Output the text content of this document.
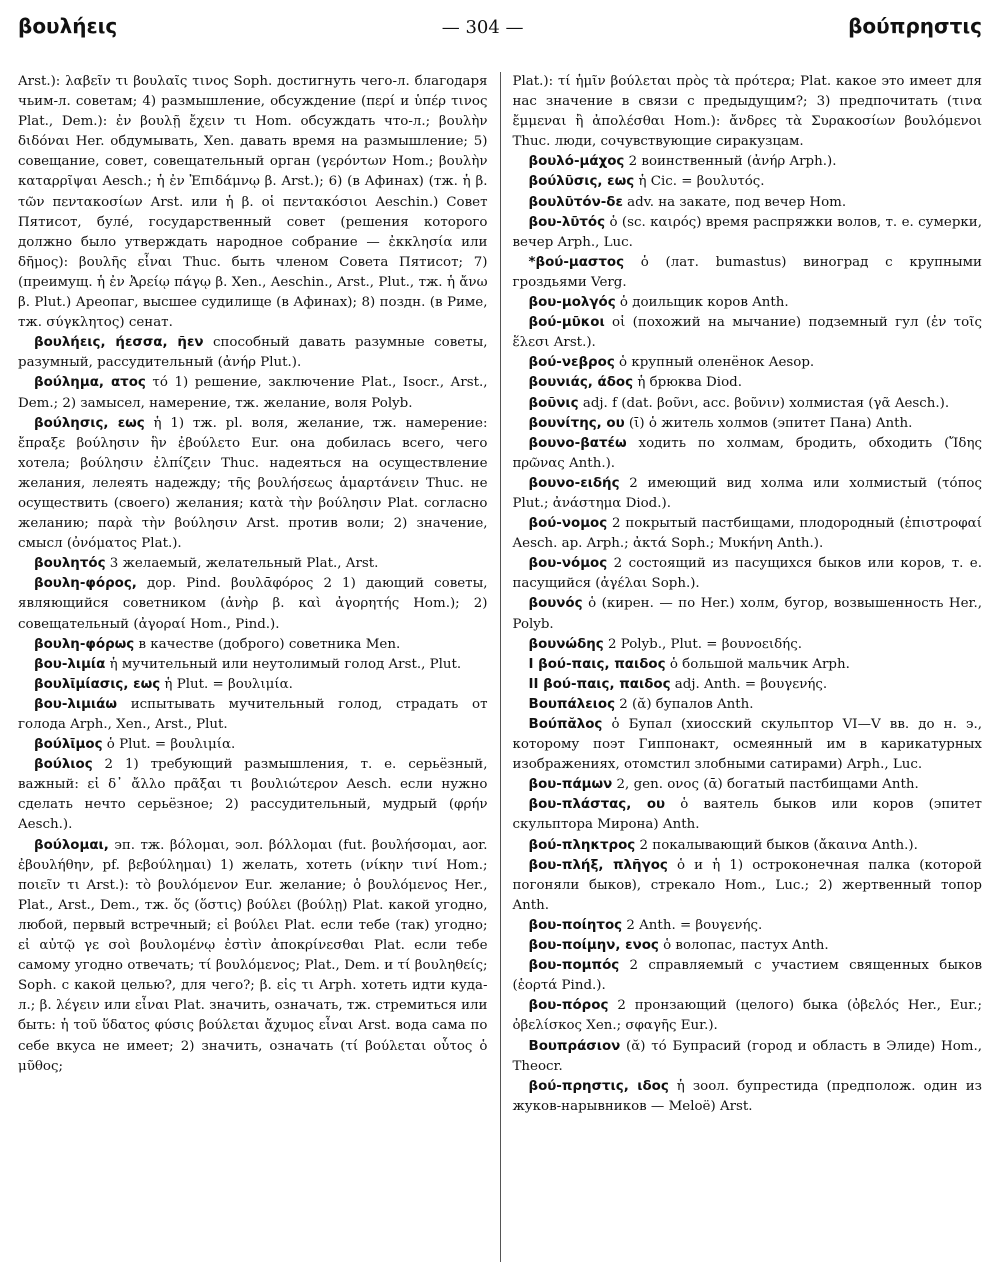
βουλήεις	— 304 —	βούπρηστις

Arst.): λαβεῖν τι βουλαῖς τινος Soph. достигнуть чего-л. благодаря чьим-л. советам; 4) размышление, обсуждение (περί и ὑπέρ τινος Plat., Dem.): ἐν βουλῇ ἔχειν τι Hom. обсуждать что-л.; βουλὴν διδόναι Her. обдумывать, Xen. давать время на размышление; 5) совещание, совет, совещательный орган (γερόντων Hom.; βουλὴν καταρρῖψαι Aesch.; ἡ ἐν Ἐπιδάμνῳ β. Arst.); 6) (в Афинах) (тж. ἡ β. τῶν πεντακοσίων Arst. или ἡ β. οἱ πεντακόσιοι Aeschin.) Совет Пятисот, булé, государственный совет (решения которого должно было утверждать народное собрание — ἐκκλησία или δῆμος): βουλῆς εἶναι Thuc. быть членом Совета Пятисот; 7) (преимущ. ἡ ἐν Ἀρείῳ πάγῳ β. Xen., Aeschin., Arst., Plut., тж. ἡ ἄνω β. Plut.) Ареопаг, высшее судилище (в Афинах); 8) поздн. (в Риме, тж. σύγκλητος) сенат.

βουλήεις, ήεσσα, ῆεν способный давать разумные советы, разумный, рассудительный (ἀνήρ Plut.).

βούλημα, ατος τό 1) решение, заключение Plat., Isocr., Arst., Dem.; 2) замысел, намерение, тж. желание, воля Polyb.

βούλησις, εως ἡ 1) тж. pl. воля, желание, тж. намерение: ἔπραξε βούλησιν ἣν ἐβούλετο Eur. она добилась всего, чего хотела; βούλησιν ἐλπίζειν Thuc. надеяться на осуществление желания, лелеять надежду; τῆς βουλήσεως ἁμαρτάνειν Thuc. не осуществить (своего) желания; κατὰ τὴν βούλησιν Plat. согласно желанию; παρὰ τὴν βούλησιν Arst. против воли; 2) значение, смысл (ὀνόματος Plat.).

βουλητός 3 желаемый, желательный Plat., Arst.

βουλη-φόρος, дор. Pind. βουλᾱφόρος 2 1) дающий советы, являющийся советником (ἀνὴρ β. καὶ ἀγορητής Hom.); 2) совещательный (ἀγοραί Hom., Pind.).

βουλη-φόρως в качестве (доброго) советника Men.

βου-λιμία ἡ мучительный или неутолимый голод Arst., Plut.

βουλῑμίασις, εως ἡ Plut. = βουλιμία.

βου-λιμιάω испытывать мучительный голод, страдать от голода Arph., Xen., Arst., Plut.

βούλῑμος ὁ Plut. = βουλιμία.

βούλιος 2 1) требующий размышления, т. е. серьёзный, важный: εἰ δ᾽ ἄλλο πρᾶξαι τι βουλιώτερον Aesch. если нужно сделать нечто серьёзное; 2) рассудительный, мудрый (φρήν Aesch.).

βούλομαι, эп. тж. βόλομαι, эол. βόλλομαι (fut. βουλήσομαι, aor. ἐβουλήθην, pf. βεβούλημαι) 1) желать, хотеть (νίκην τινί Hom.; ποιεῖν τι Arst.): τὸ βουλόμενον Eur. желание; ὁ βουλόμενος Her., Plat., Arst., Dem., тж. ὅς (ὅστις) βούλει (βούλῃ) Plat. какой угодно, любой, первый встречный; εἰ βούλει Plat. если тебе (так) угодно; εἰ αὐτῷ γε σοὶ βουλομένῳ ἐστὶν ἀποκρίνεσθαι Plat. если тебе самому угодно отвечать; τί βουλόμενος; Plat., Dem. и τί βουληθείς; Soph. с какой целью?, для чего?; β. εἰς τι Arph. хотеть идти куда-л.; β. λέγειν или εἶναι Plat. значить, означать, тж. стремиться или быть: ἡ τοῦ ὕδατος φύσις βούλεται ἄχυμος εἶναι Arst. вода сама по себе вкуса не имеет; 2) значить, означать (τί βούλεται οὗτος ὁ μῦθος;

Plat.): τί ἡμῖν βούλεται πρὸς τὰ πρότερα; Plat. какое это имеет для нас значение в связи с предыдущим?; 3) предпочитать (τινα ἔμμεναι ἢ ἀπολέσθαι Hom.): ἄνδρες τὰ Συρακοσίων βουλόμενοι Thuc. люди, сочувствующие сиракузцам.

βουλό-μάχος 2 воинственный (ἀνήρ Arph.).

βούλῡσις, εως ἡ Cic. = βουλυτός.

βουλῡτόν-δε adv. на закате, под вечер Hom.

βου-λῡτός ὁ (sc. καιρός) время распряжки волов, т. е. сумерки, вечер Arph., Luc.

*βού-μαστος ὁ (лат. bumastus) виноград с крупными гроздьями Verg.

βου-μολγός ὁ доильщик коров Anth.

βού-μῡκοι οἱ (похожий на мычание) подземный гул (ἐν τοῖς ἕλεσι Arst.).

βού-νεβρος ὁ крупный оленёнок Aesop.

βουνιάς, άδος ἡ брюква Diod.

βοῦνις adj. f (dat. βοῦνι, acc. βοῦνιν) холмистая (γᾶ Aesch.).

βουνίτης, ου (ῑ) ὁ житель холмов (эпитет Пана) Anth.

βουνο-βατέω ходить по холмам, бродить, обходить (Ἴδης πρῶνας Anth.).

βουνο-ειδής 2 имеющий вид холма или холмистый (τόπος Plut.; ἀνάστημα Diod.).

βού-νομος 2 покрытый пастбищами, плодородный (ἐπιστροφαί Aesch. ap. Arph.; ἀκτά Soph.; Μυκήνη Anth.).

βου-νόμος 2 состоящий из пасущихся быков или коров, т. е. пасущийся (ἀγέλαι Soph.).

βουνός ὁ (кирен. — по Her.) холм, бугор, возвышенность Her., Polyb.

βουνώδης 2 Polyb., Plut. = βουνοειδής.

I βού-παις, παιδος ὁ большой мальчик Arph.

II βού-παις, παιδος adj. Anth. = βουγενής.

Βουπάλειος 2 (ᾰ) бупалов Anth.

Βούπᾰλος ὁ Бупал (хиосский скульптор VI—V вв. до н. э., которому поэт Гиппонакт, осмеянный им в карикатурных изображениях, отомстил злобными сатирами) Arph., Luc.

βου-πάμων 2, gen. ονος (ᾱ) богатый пастбищами Anth.

βου-πλάστας, ου ὁ ваятель быков или коров (эпитет скульптора Мирона) Anth.

βού-πληκτρος 2 покалывающий быков (ἄκαινα Anth.).

βου-πλήξ, πλῆγος ὁ и ἡ 1) остроконечная палка (которой погоняли быков), стрекало Hom., Luc.; 2) жертвенный топор Anth.

βου-ποίητος 2 Anth. = βουγενής.

βου-ποίμην, ενος ὁ волопас, пастух Anth.

βου-πομπός 2 справляемый с участием священных быков (ἑορτά Pind.).

βου-πόρος 2 пронзающий (целого) быка (ὀβελός Her., Eur.; ὀβελίσκος Xen.; σφαγῆς Eur.).

Βουπράσιον (ᾰ) τό Бупрасий (город и область в Элиде) Hom., Theocr.

βού-πρηστις, ιδος ἡ зоол. бупрестида (предполож. один из жуков-нарывников — Meloë) Arst.
